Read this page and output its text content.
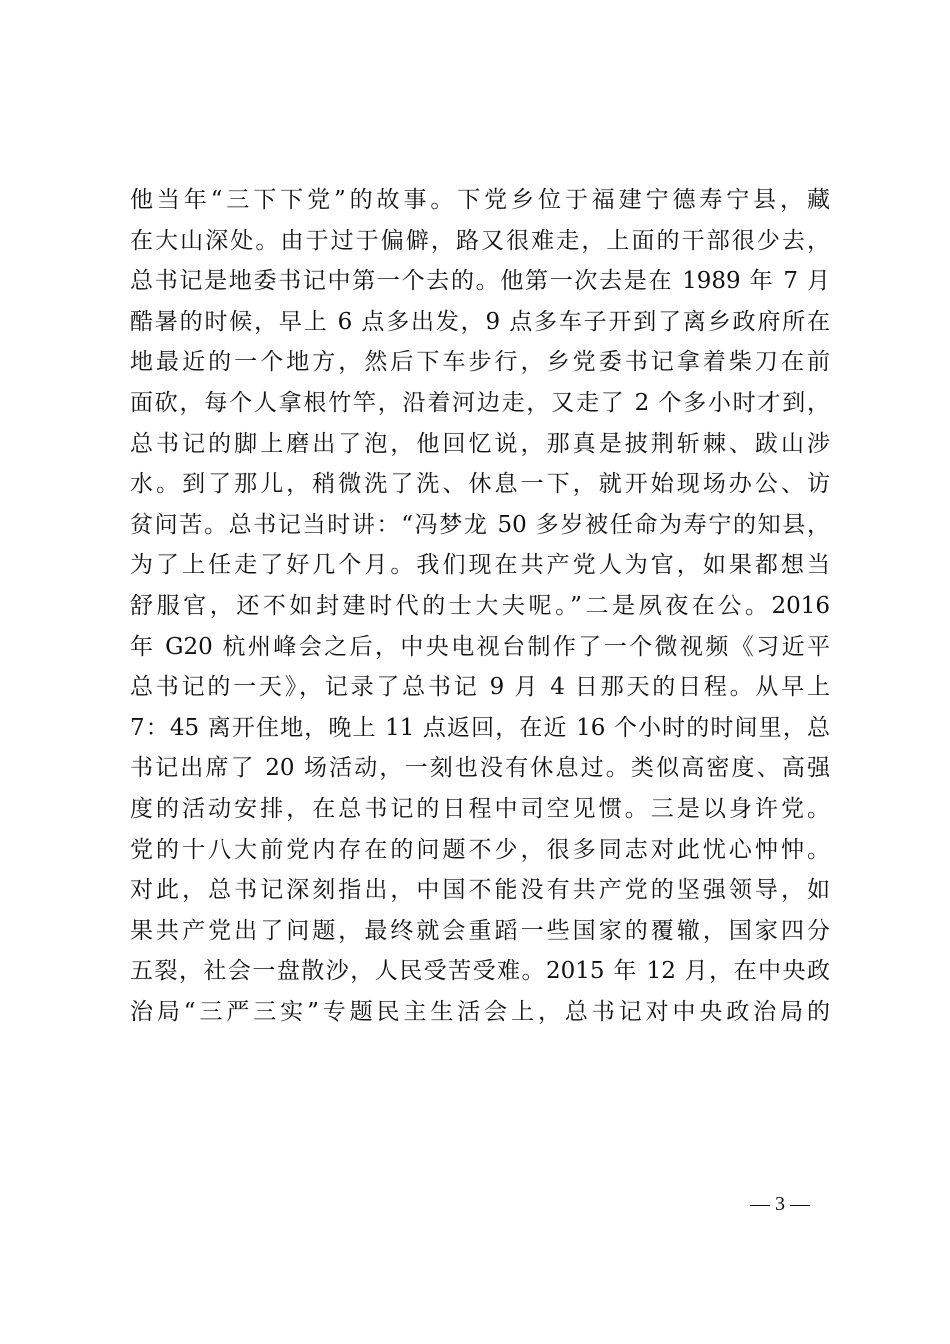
他当年“三下下党”的故事。下党乡位于福建宁德寿宁县，藏
在大山深处。由于过于偏僻，路又很难走，上面的干部很少去，
总书记是地委书记中第一个去的。他第一次去是在 1989 年 7 月
酷暑的时候，早上 6 点多出发，9 点多车子开到了离乡政府所在
地最近的一个地方，然后下车步行，乡党委书记拿着柴刀在前
面砍，每个人拿根竹竿，沿着河边走，又走了 2 个多小时才到，
总书记的脚上磨出了泡，他回忆说，那真是披荆斩棘、跋山涉
水。到了那儿，稍微洗了洗、休息一下，就开始现场办公、访
贫问苦。总书记当时讲：“冯梦龙 50 多岁被任命为寿宁的知县，
为了上任走了好几个月。我们现在共产党人为官，如果都想当
舒服官，还不如封建时代的士大夫呢。”二是夙夜在公。2016
年 G20 杭州峰会之后，中央电视台制作了一个微视频《习近平
总书记的一天》，记录了总书记 9 月 4 日那天的日程。从早上
7：45 离开住地，晚上 11 点返回，在近 16 个小时的时间里，总
书记出席了 20 场活动，一刻也没有休息过。类似高密度、高强
度的活动安排，在总书记的日程中司空见惯。三是以身许党。
党的十八大前党内存在的问题不少，很多同志对此忧心忡忡。
对此，总书记深刻指出，中国不能没有共产党的坚强领导，如
果共产党出了问题，最终就会重蹈一些国家的覆辙，国家四分
五裂，社会一盘散沙，人民受苦受难。2015 年 12 月，在中央政
治局“三严三实”专题民主生活会上，总书记对中央政治局的
— 3 —
